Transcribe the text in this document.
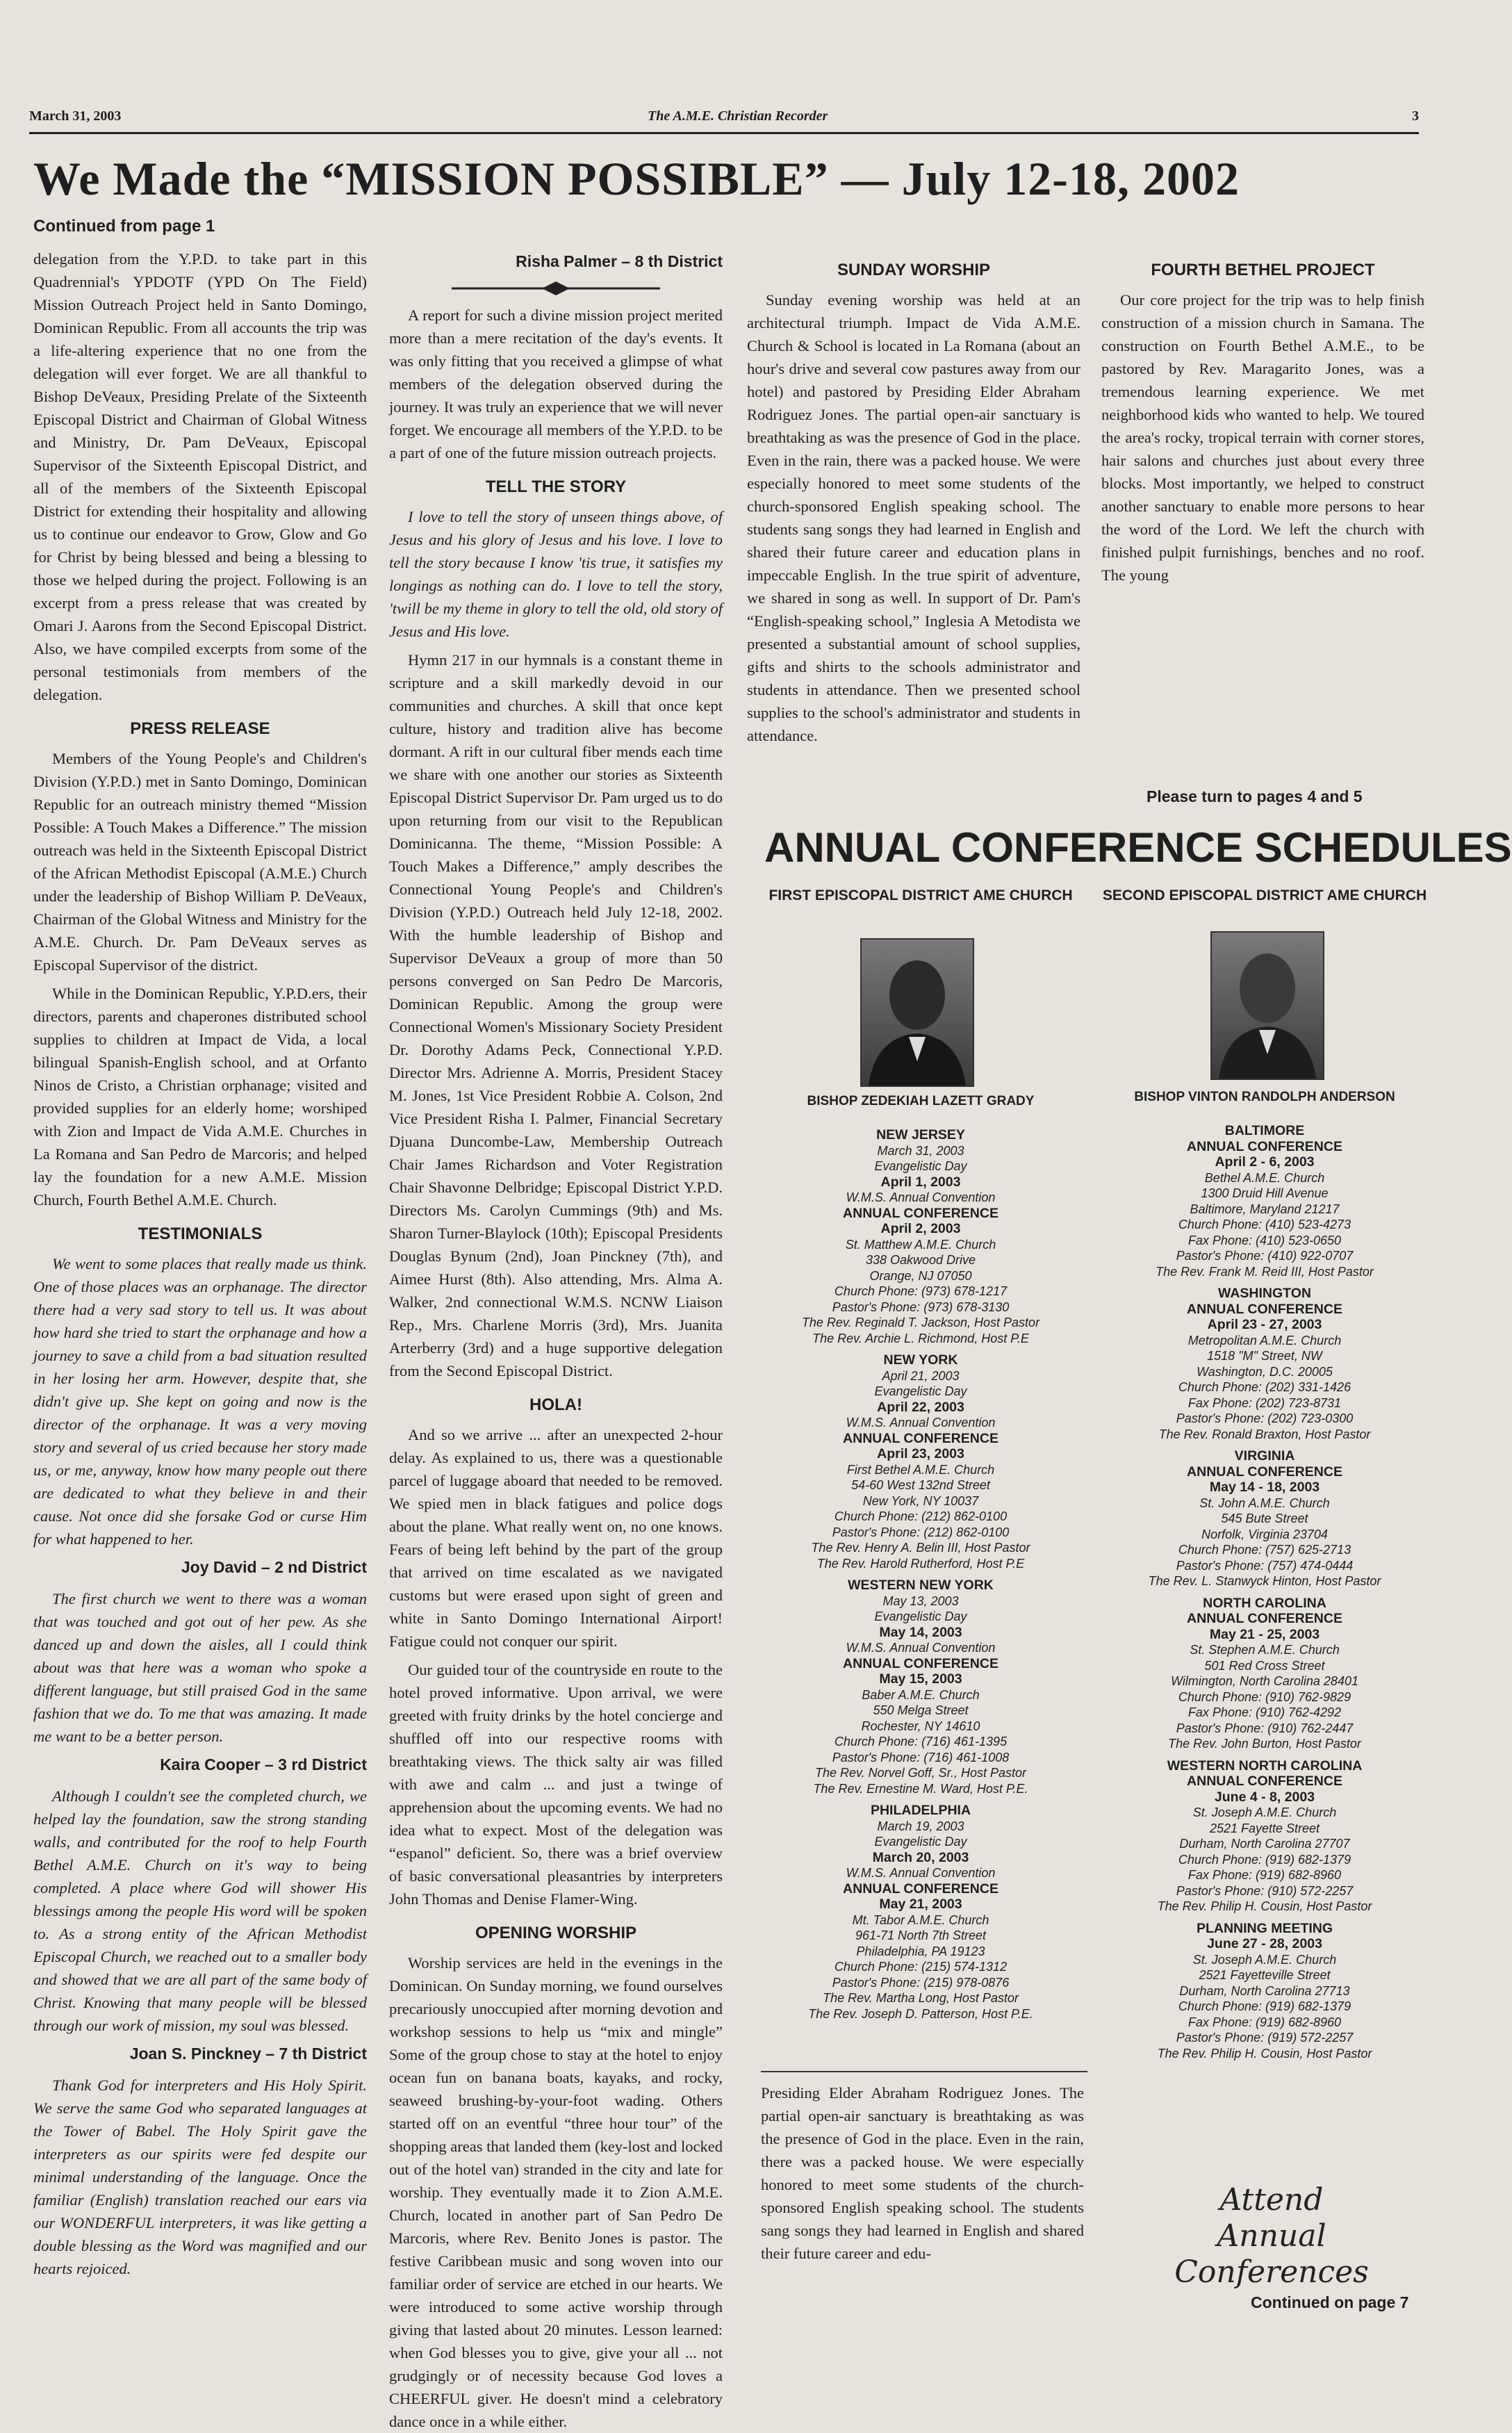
March 31, 2003	The A.M.E. Christian Recorder	3
We Made the “MISSION POSSIBLE” — July 12-18, 2002
Continued from page 1

delegation from the Y.P.D. to take part in this Quadrennial's YPDOTF (YPD On The Field) Mission Outreach Project held in Santo Domingo, Dominican Republic. From all accounts the trip was a life-altering experience that no one from the delegation will ever forget. We are all thankful to Bishop DeVeaux, Presiding Prelate of the Sixteenth Episcopal District and Chairman of Global Witness and Ministry, Dr. Pam DeVeaux, Episcopal Supervisor of the Sixteenth Episcopal District, and all of the members of the Sixteenth Episcopal District for extending their hospitality and allowing us to continue our endeavor to Grow, Glow and Go for Christ by being blessed and being a blessing to those we helped during the project. Following is an excerpt from a press release that was created by Omari J. Aarons from the Second Episcopal District. Also, we have compiled excerpts from some of the personal testimonials from members of the delegation.

PRESS RELEASE

Members of the Young People's and Children's Division (Y.P.D.) met in Santo Domingo, Dominican Republic for an outreach ministry themed “Mission Possible: A Touch Makes a Difference.” The mission outreach was held in the Sixteenth Episcopal District of the African Methodist Episcopal (A.M.E.) Church under the leadership of Bishop William P. DeVeaux, Chairman of the Global Witness and Ministry for the A.M.E. Church. Dr. Pam DeVeaux serves as Episcopal Supervisor of the district.

While in the Dominican Republic, Y.P.D.ers, their directors, parents and chaperones distributed school supplies to children at Impact de Vida, a local bilingual Spanish-English school, and at Orfanto Ninos de Cristo, a Christian orphanage; visited and provided supplies for an elderly home; worshiped with Zion and Impact de Vida A.M.E. Churches in La Romana and San Pedro de Marcoris; and helped lay the foundation for a new A.M.E. Mission Church, Fourth Bethel A.M.E. Church.

TESTIMONIALS

We went to some places that really made us think. One of those places was an orphanage. The director there had a very sad story to tell us. It was about how hard she tried to start the orphanage and how a journey to save a child from a bad situation resulted in her losing her arm. However, despite that, she didn't give up. She kept on going and now is the director of the orphanage. It was a very moving story and several of us cried because her story made us, or me, anyway, know how many people out there are dedicated to what they believe in and their cause. Not once did she forsake God or curse Him for what happened to her.

Joy David – 2 nd District

The first church we went to there was a woman that was touched and got out of her pew. As she danced up and down the aisles, all I could think about was that here was a woman who spoke a different language, but still praised God in the same fashion that we do. To me that was amazing. It made me want to be a better person.

Kaira Cooper – 3 rd District

Although I couldn't see the completed church, we helped lay the foundation, saw the strong standing walls, and contributed for the roof to help Fourth Bethel A.M.E. Church on it's way to being completed. A place where God will shower His blessings among the people His word will be spoken to. As a strong entity of the African Methodist Episcopal Church, we reached out to a smaller body and showed that we are all part of the same body of Christ. Knowing that many people will be blessed through our work of mission, my soul was blessed.

Joan S. Pinckney – 7 th District

Thank God for interpreters and His Holy Spirit. We serve the same God who separated languages at the Tower of Babel. The Holy Spirit gave the interpreters as our spirits were fed despite our minimal understanding of the language. Once the familiar (English) translation reached our ears via our WONDERFUL interpreters, it was like getting a double blessing as the Word was magnified and our hearts rejoiced.

Risha Palmer – 8 th District

A report for such a divine mission project merited more than a mere recitation of the day's events. It was only fitting that you received a glimpse of what members of the delegation observed during the journey. It was truly an experience that we will never forget. We encourage all members of the Y.P.D. to be a part of one of the future mission outreach projects.

TELL THE STORY

I love to tell the story of unseen things above, of Jesus and his glory of Jesus and his love. I love to tell the story because I know 'tis true, it satisfies my longings as nothing can do. I love to tell the story, 'twill be my theme in glory to tell the old, old story of Jesus and His love.

Hymn 217 in our hymnals is a constant theme in scripture and a skill markedly devoid in our communities and churches. A skill that once kept culture, history and tradition alive has become dormant. A rift in our cultural fiber mends each time we share with one another our stories as Sixteenth Episcopal District Supervisor Dr. Pam urged us to do upon returning from our visit to the Republican Dominicanna. The theme, “Mission Possible: A Touch Makes a Difference,” amply describes the Connectional Young People's and Children's Division (Y.P.D.) Outreach held July 12-18, 2002. With the humble leadership of Bishop and Supervisor DeVeaux a group of more than 50 persons converged on San Pedro De Marcoris, Dominican Republic. Among the group were Connectional Women's Missionary Society President Dr. Dorothy Adams Peck, Connectional Y.P.D. Director Mrs. Adrienne A. Morris, President Stacey M. Jones, 1st Vice President Robbie A. Colson, 2nd Vice President Risha I. Palmer, Financial Secretary Djuana Duncombe-Law, Membership Outreach Chair James Richardson and Voter Registration Chair Shavonne Delbridge; Episcopal District Y.P.D. Directors Ms. Carolyn Cummings (9th) and Ms. Sharon Turner-Blaylock (10th); Episcopal Presidents Douglas Bynum (2nd), Joan Pinckney (7th), and Aimee Hurst (8th). Also attending, Mrs. Alma A. Walker, 2nd connectional W.M.S. NCNW Liaison Rep., Mrs. Charlene Morris (3rd), Mrs. Juanita Arterberry (3rd) and a huge supportive delegation from the Second Episcopal District.

HOLA!

And so we arrive ... after an unexpected 2-hour delay. As explained to us, there was a questionable parcel of luggage aboard that needed to be removed. We spied men in black fatigues and police dogs about the plane. What really went on, no one knows. Fears of being left behind by the part of the group that arrived on time escalated as we navigated customs but were erased upon sight of green and white in Santo Domingo International Airport! Fatigue could not conquer our spirit.

Our guided tour of the countryside en route to the hotel proved informative. Upon arrival, we were greeted with fruity drinks by the hotel concierge and shuffled off into our respective rooms with breathtaking views. The thick salty air was filled with awe and calm ... and just a twinge of apprehension about the upcoming events. We had no idea what to expect. Most of the delegation was “espanol” deficient. So, there was a brief overview of basic conversational pleasantries by interpreters John Thomas and Denise Flamer-Wing.

OPENING WORSHIP

Worship services are held in the evenings in the Dominican. On Sunday morning, we found ourselves precariously unoccupied after morning devotion and workshop sessions to help us “mix and mingle” Some of the group chose to stay at the hotel to enjoy ocean fun on banana boats, kayaks, and rocky, seaweed brushing-by-your-foot wading. Others started off on an eventful “three hour tour” of the shopping areas that landed them (key-lost and locked out of the hotel van) stranded in the city and late for worship. They eventually made it to Zion A.M.E. Church, located in another part of San Pedro De Marcoris, where Rev. Benito Jones is pastor. The festive Caribbean music and song woven into our familiar order of service are etched in our hearts. We were introduced to some active worship through giving that lasted about 20 minutes. Lesson learned: when God blesses you to give, give your all ... not grudgingly or of necessity because God loves a CHEERFUL giver. He doesn't mind a celebratory dance once in a while either.

SUNDAY WORSHIP

Sunday evening worship was held at an architectural triumph. Impact de Vida A.M.E. Church & School is located in La Romana (about an hour's drive and several cow pastures away from our hotel) and pastored by Presiding Elder Abraham Rodriguez Jones. The partial open-air sanctuary is breathtaking as was the presence of God in the place. Even in the rain, there was a packed house. We were especially honored to meet some students of the church-sponsored English speaking school. The students sang songs they had learned in English and shared their future career and education plans in impeccable English. In the true spirit of adventure, we shared in song as well. In support of Dr. Pam's “English-speaking school,” Inglesia A Metodista we presented a substantial amount of school supplies, gifts and shirts to the schools administrator and students in attendance. Then we presented school supplies to the school's administrator and students in attendance.

FOURTH BETHEL PROJECT

Our core project for the trip was to help finish construction of a mission church in Samana. The construction on Fourth Bethel A.M.E., to be pastored by Rev. Maragarito Jones, was a tremendous learning experience. We met neighborhood kids who wanted to help. We toured the area's rocky, tropical terrain with corner stores, hair salons and churches just about every three blocks. Most importantly, we helped to construct another sanctuary to enable more persons to hear the word of the Lord. We left the church with finished pulpit furnishings, benches and no roof. The young

Please turn to pages 4 and 5
ANNUAL CONFERENCE SCHEDULES
FIRST EPISCOPAL DISTRICT AME CHURCH
BISHOP ZEDEKIAH LAZETT GRADY
NEW JERSEY
March 31, 2003
Evangelistic Day
April 1, 2003
W.M.S. Annual Convention
ANNUAL CONFERENCE
April 2, 2003
St. Matthew A.M.E. Church
338 Oakwood Drive
Orange, NJ 07050
Church Phone: (973) 678-1217
Pastor's Phone: (973) 678-3130
The Rev. Reginald T. Jackson, Host Pastor
The Rev. Archie L. Richmond, Host P.E
NEW YORK
April 21, 2003
Evangelistic Day
April 22, 2003
W.M.S. Annual Convention
ANNUAL CONFERENCE
April 23, 2003
First Bethel A.M.E. Church
54-60 West 132nd Street
New York, NY 10037
Church Phone: (212) 862-0100
Pastor's Phone: (212) 862-0100
The Rev. Henry A. Belin III, Host Pastor
The Rev. Harold Rutherford, Host P.E
WESTERN NEW YORK
May 13, 2003
Evangelistic Day
May 14, 2003
W.M.S. Annual Convention
ANNUAL CONFERENCE
May 15, 2003
Baber A.M.E. Church
550 Melga Street
Rochester, NY 14610
Church Phone: (716) 461-1395
Pastor's Phone: (716) 461-1008
The Rev. Norvel Goff, Sr., Host Pastor
The Rev. Ernestine M. Ward, Host P.E.
PHILADELPHIA
March 19, 2003
Evangelistic Day
March 20, 2003
W.M.S. Annual Convention
ANNUAL CONFERENCE
May 21, 2003
Mt. Tabor A.M.E. Church
961-71 North 7th Street
Philadelphia, PA 19123
Church Phone: (215) 574-1312
Pastor's Phone: (215) 978-0876
The Rev. Martha Long, Host Pastor
The Rev. Joseph D. Patterson, Host P.E.
SECOND EPISCOPAL DISTRICT AME CHURCH
BISHOP VINTON RANDOLPH ANDERSON
BALTIMORE
ANNUAL CONFERENCE
April 2 - 6, 2003
Bethel A.M.E. Church
1300 Druid Hill Avenue
Baltimore, Maryland 21217
Church Phone: (410) 523-4273
Fax Phone: (410) 523-0650
Pastor's Phone: (410) 922-0707
The Rev. Frank M. Reid III, Host Pastor
WASHINGTON
ANNUAL CONFERENCE
April 23 - 27, 2003
Metropolitan A.M.E. Church
1518 "M" Street, NW
Washington, D.C. 20005
Church Phone: (202) 331-1426
Fax Phone: (202) 723-8731
Pastor's Phone: (202) 723-0300
The Rev. Ronald Braxton, Host Pastor
VIRGINIA
ANNUAL CONFERENCE
May 14 - 18, 2003
St. John A.M.E. Church
545 Bute Street
Norfolk, Virginia 23704
Church Phone: (757) 625-2713
Pastor's Phone: (757) 474-0444
The Rev. L. Stanwyck Hinton, Host Pastor
NORTH CAROLINA
ANNUAL CONFERENCE
May 21 - 25, 2003
St. Stephen A.M.E. Church
501 Red Cross Street
Wilmington, North Carolina 28401
Church Phone: (910) 762-9829
Fax Phone: (910) 762-4292
Pastor's Phone: (910) 762-2447
The Rev. John Burton, Host Pastor
WESTERN NORTH CAROLINA
ANNUAL CONFERENCE
June 4 - 8, 2003
St. Joseph A.M.E. Church
2521 Fayette Street
Durham, North Carolina 27707
Church Phone: (919) 682-1379
Fax Phone: (919) 682-8960
Pastor's Phone: (910) 572-2257
The Rev. Philip H. Cousin, Host Pastor
PLANNING MEETING
June 27 - 28, 2003
St. Joseph A.M.E. Church
2521 Fayetteville Street
Durham, North Carolina 27713
Church Phone: (919) 682-1379
Fax Phone: (919) 682-8960
Pastor's Phone: (919) 572-2257
The Rev. Philip H. Cousin, Host Pastor

Presiding Elder Abraham Rodriguez Jones. The partial open-air sanctuary is breathtaking as was the presence of God in the place. Even in the rain, there was a packed house. We were especially honored to meet some students of the church-sponsored English speaking school. The students sang songs they had learned in English and shared their future career and edu-

Attend
Annual Conferences
Continued on page 7
